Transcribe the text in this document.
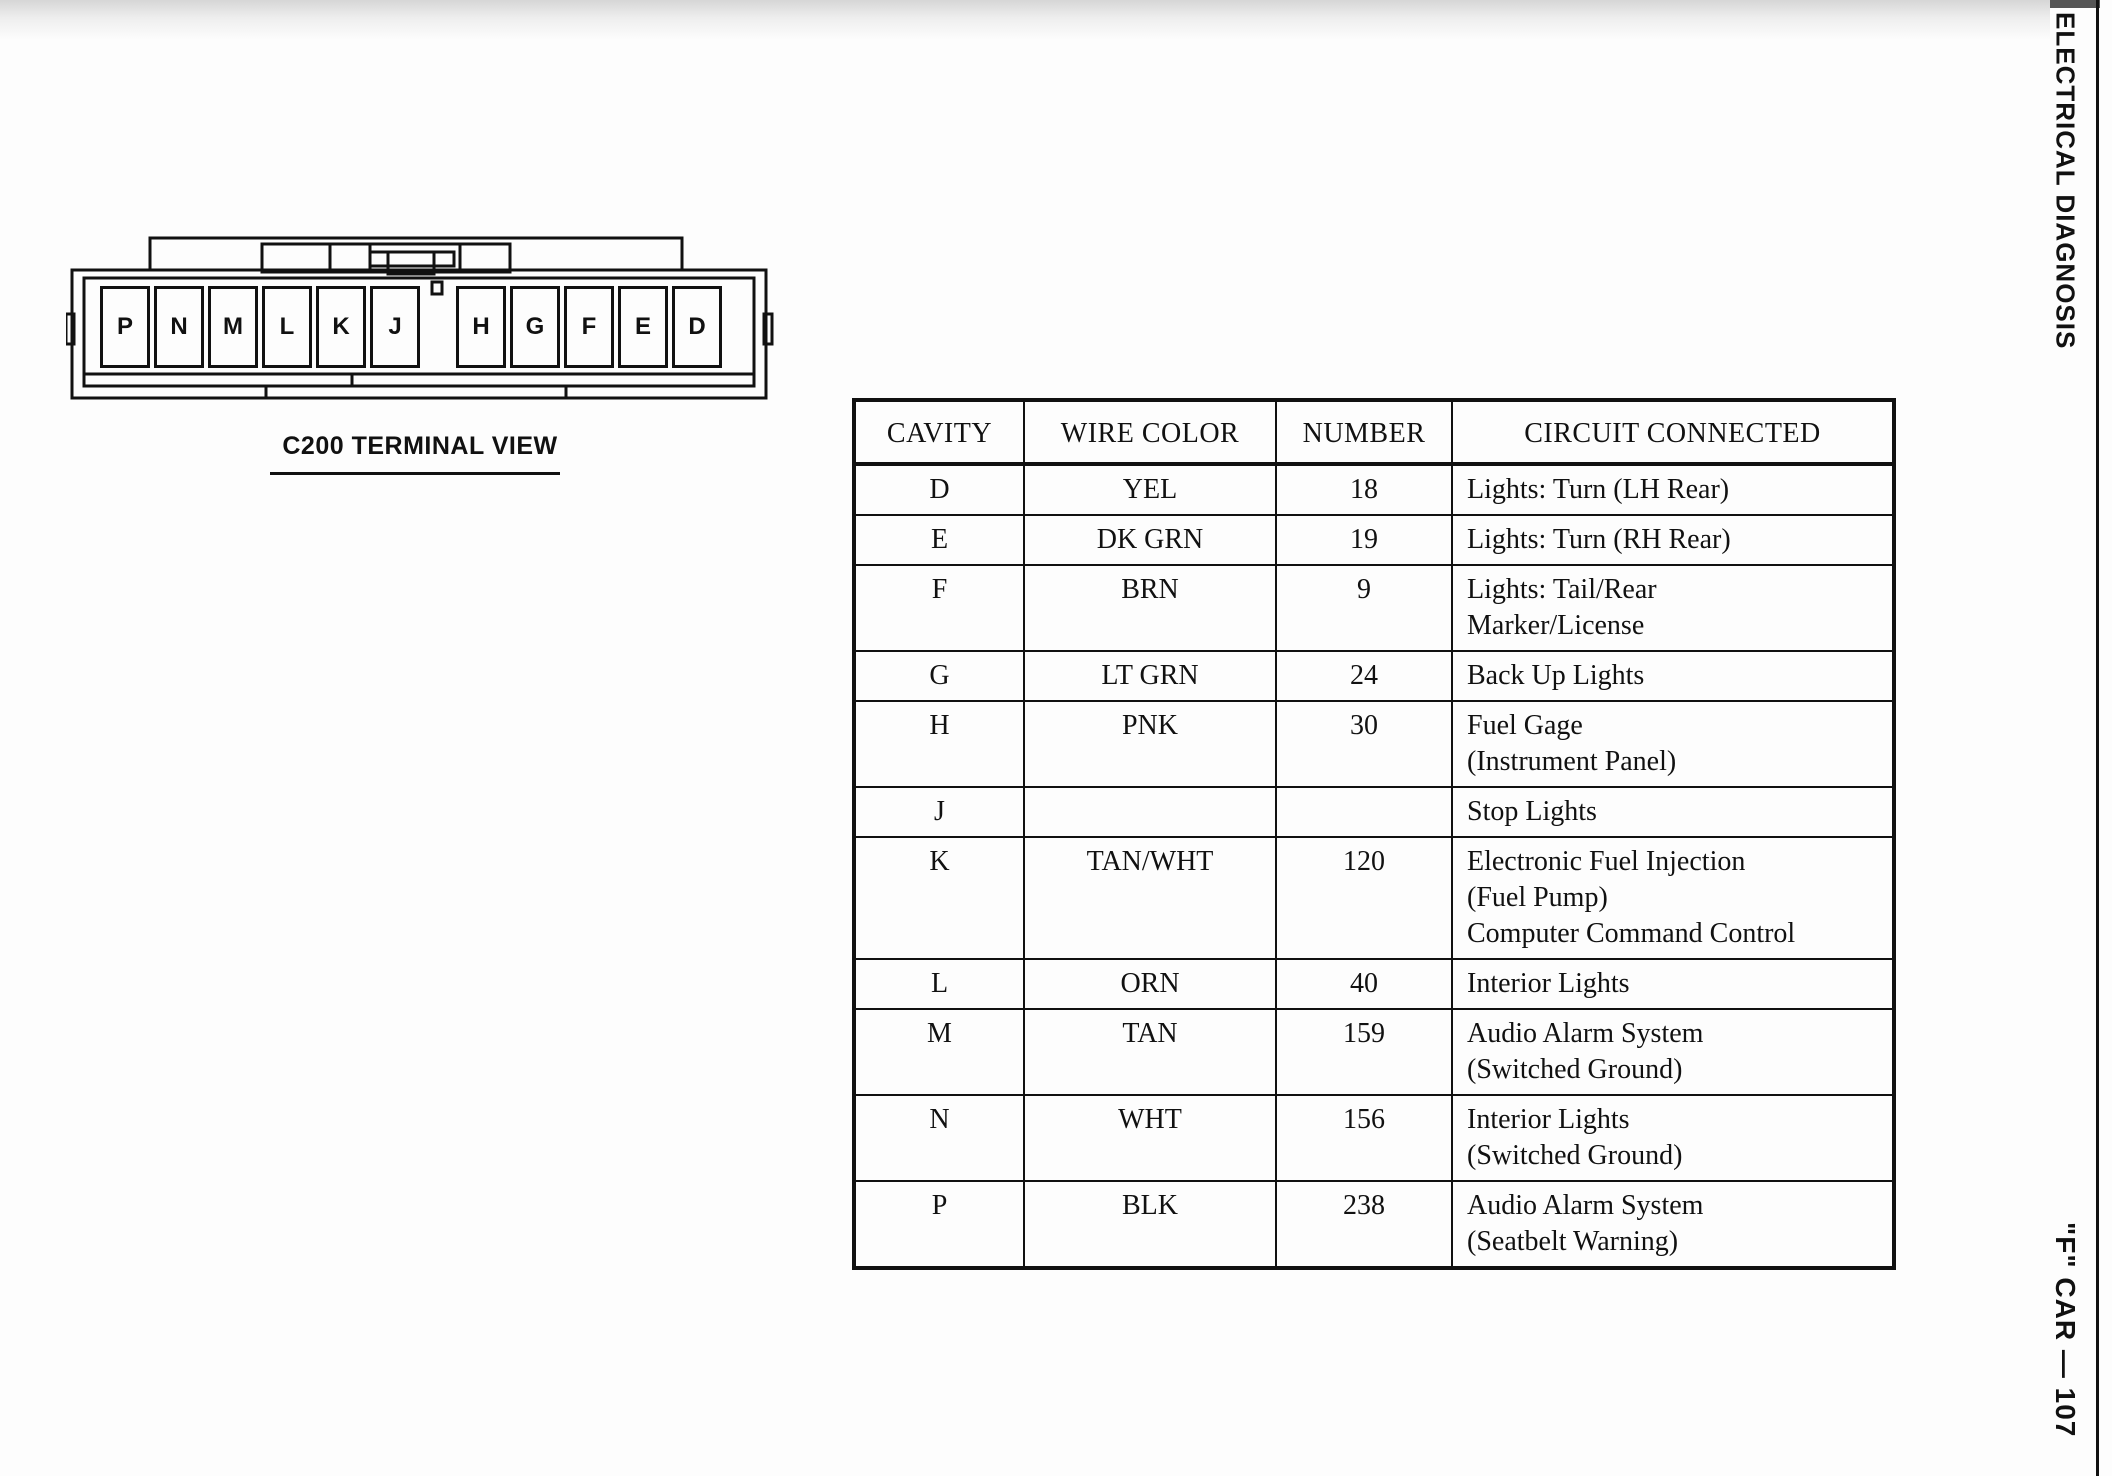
P	N	M	L	K	J	H	G	F	E	D
C200 TERMINAL VIEW	CAVITY	WIRE COLOR	NUMBER	CIRCUIT CONNECTED
D	YEL	18	Lights: Turn (LH Rear)
E	DK GRN	19	Lights: Turn (RH Rear)
F	BRN	9	Lights: Tail/Rear
Marker/License
G	LT GRN	24	Back Up Lights
H	PNK	30	Fuel Gage
(Instrument Panel)
J			Stop Lights
K	TAN/WHT	120	Electronic Fuel Injection
(Fuel Pump)
Computer Command Control
L	ORN	40	Interior Lights
M	TAN	159	Audio Alarm System
(Switched Ground)
N	WHT	156	Interior Lights
(Switched Ground)
P	BLK	238	Audio Alarm System
(Seatbelt Warning)
ELECTRICAL DIAGNOSIS
"F" CAR — 107
